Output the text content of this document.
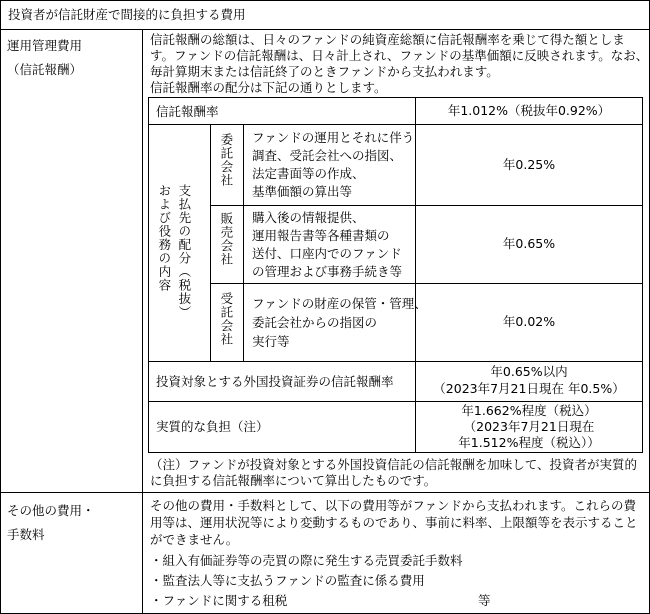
投資者が信託財産で間接的に負担する費用
運用管理費用
（信託報酬）
信託報酬の総額は、日々のファンドの純資産総額に信託報酬率を乗じて得た額としま
す。ファンドの信託報酬は、日々計上され、ファンドの基準価額に反映されます。なお、
毎計算期末または信託終了のときファンドから支払われます。
信託報酬率の配分は下記の通りとします。
信託報酬率	年1.012%（税抜年0.92%）
支払先の配分（税抜）
および役務の内容
委託会社 ファンドの運用とそれに伴う
調査、受託会社への指図、
法定書面等の作成、
基準価額の算出等
年0.25%
販売会社 購入後の情報提供、
運用報告書等各種書類の
送付、口座内でのファンド
の管理および事務手続き等
年0.65%
受託会社 ファンドの財産の保管・管理、
委託会社からの指図の
実行等
年0.02%
投資対象とする外国投資証券の信託報酬率
年0.65%以内
（2023年7月21日現在 年0.5%）
実質的な負担（注）
年1.662%程度（税込）
（2023年7月21日現在
年1.512%程度（税込））
（注）ファンドが投資対象とする外国投資信託の信託報酬を加味して、投資者が実質的
に負担する信託報酬率について算出したものです。
その他の費用・
手数料
その他の費用・手数料として、以下の費用等がファンドから支払われます。これらの費
用等は、運用状況等により変動するものであり、事前に料率、上限額等を表示すること
ができません。
・組入有価証券等の売買の際に発生する売買委託手数料
・監査法人等に支払うファンドの監査に係る費用
・ファンドに関する租税	等
